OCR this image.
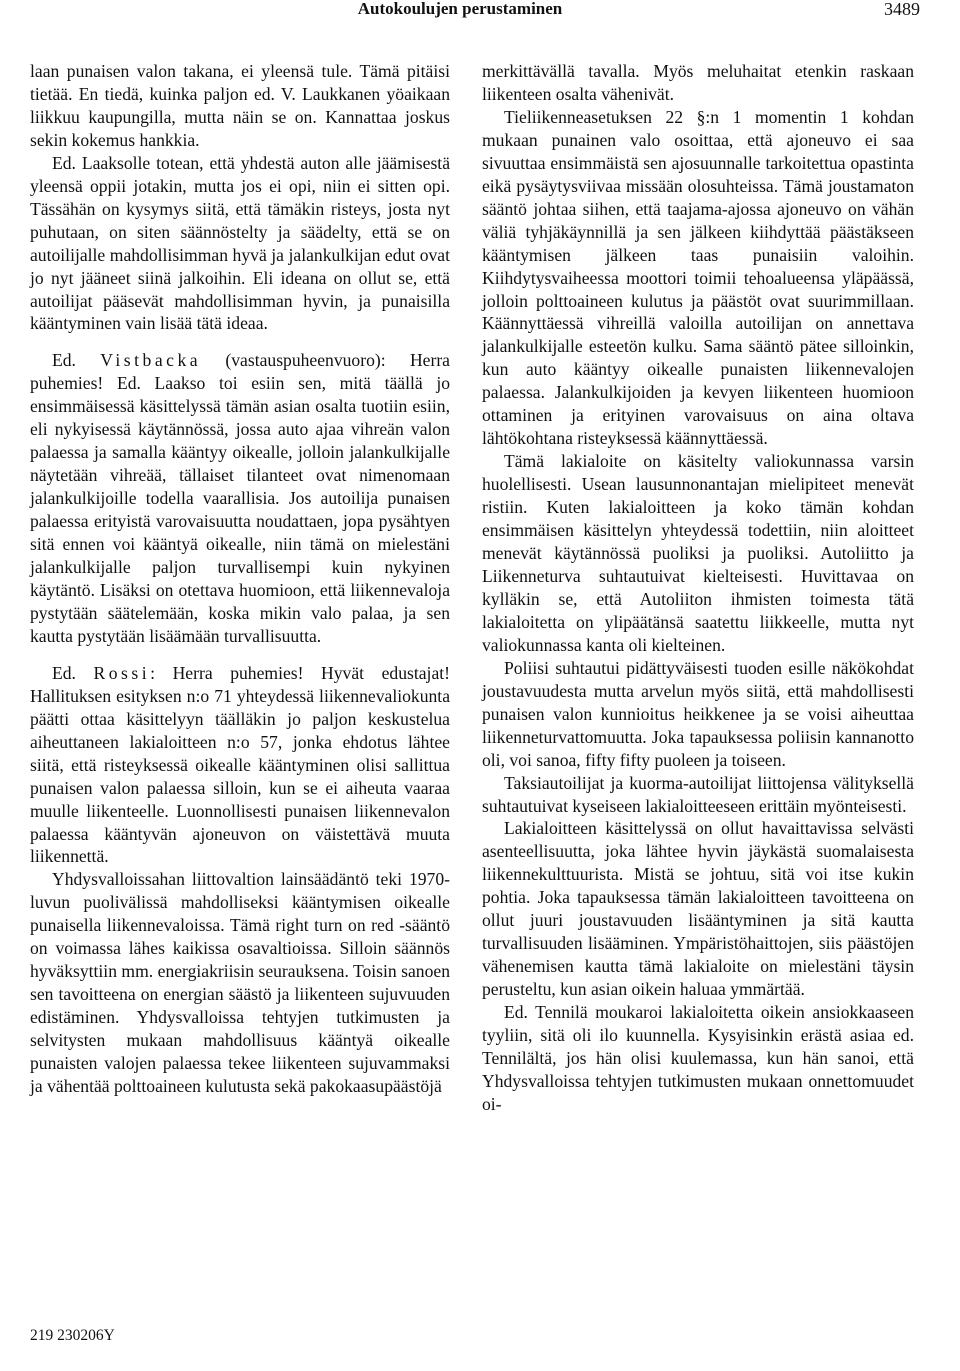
Autokoulujen perustaminen	3489

laan punaisen valon takana, ei yleensä tule. Tämä pitäisi tietää. En tiedä, kuinka paljon ed. V. Laukkanen yöaikaan liikkuu kaupungilla, mutta näin se on. Kannattaa joskus sekin kokemus hankkia.

Ed. Laaksolle totean, että yhdestä auton alle jäämisestä yleensä oppii jotakin, mutta jos ei opi, niin ei sitten opi. Tässähän on kysymys siitä, että tämäkin risteys, josta nyt puhutaan, on siten säännöstelty ja säädelty, että se on autoilijalle mahdollisimman hyvä ja jalankulkijan edut ovat jo nyt jääneet siinä jalkoihin. Eli ideana on ollut se, että autoilijat pääsevät mahdollisimman hyvin, ja punaisilla kääntyminen vain lisää tätä ideaa.

Ed. Vistbacka (vastauspuheenvuoro): Herra puhemies! Ed. Laakso toi esiin sen, mitä täällä jo ensimmäisessä käsittelyssä tämän asian osalta tuotiin esiin, eli nykyisessä käytännössä, jossa auto ajaa vihreän valon palaessa ja samalla kääntyy oikealle, jolloin jalankulkijalle näytetään vihreää, tällaiset tilanteet ovat nimenomaan jalankulkijoille todella vaarallisia. Jos autoilija punaisen palaessa erityistä varovaisuutta noudattaen, jopa pysähtyen sitä ennen voi kääntyä oikealle, niin tämä on mielestäni jalankulkijalle paljon turvallisempi kuin nykyinen käytäntö. Lisäksi on otettava huomioon, että liikennevaloja pystytään säätelemään, koska mikin valo palaa, ja sen kautta pystytään lisäämään turvallisuutta.

Ed. Rossi: Herra puhemies! Hyvät edustajat! Hallituksen esityksen n:o 71 yhteydessä liikennevaliokunta päätti ottaa käsittelyyn täälläkin jo paljon keskustelua aiheuttaneen lakialoitteen n:o 57, jonka ehdotus lähtee siitä, että risteyksessä oikealle kääntyminen olisi sallittua punaisen valon palaessa silloin, kun se ei aiheuta vaaraa muulle liikenteelle. Luonnollisesti punaisen liikennevalon palaessa kääntyvän ajoneuvon on väistettävä muuta liikennettä.

Yhdysvalloissahan liittovaltion lainsäädäntö teki 1970-luvun puolivälissä mahdolliseksi kääntymisen oikealle punaisella liikennevaloissa. Tämä right turn on red -sääntö on voimassa lähes kaikissa osavaltioissa. Silloin säännös hyväksyttiin mm. energiakriisin seurauksena. Toisin sanoen sen tavoitteena on energian säästö ja liikenteen sujuvuuden edistäminen. Yhdysvalloissa tehtyjen tutkimusten ja selvitysten mukaan mahdollisuus kääntyä oikealle punaisten valojen palaessa tekee liikenteen sujuvammaksi ja vähentää polttoaineen kulutusta sekä pakokaasupäästöjä

merkittävällä tavalla. Myös meluhaitat etenkin raskaan liikenteen osalta vähenivät.

Tieliikenneasetuksen 22 §:n 1 momentin 1 kohdan mukaan punainen valo osoittaa, että ajoneuvo ei saa sivuuttaa ensimmäistä sen ajosuunnalle tarkoitettua opastinta eikä pysäytysviivaa missään olosuhteissa. Tämä joustamaton sääntö johtaa siihen, että taajama-ajossa ajoneuvo on vähän väliä tyhjäkäynnillä ja sen jälkeen kiihdyttää päästäkseen kääntymisen jälkeen taas punaisiin valoihin. Kiihdytysvaiheessa moottori toimii tehoalueensa yläpäässä, jolloin polttoaineen kulutus ja päästöt ovat suurimmillaan. Käännyttäessä vihreillä valoilla autoilijan on annettava jalankulkijalle esteetön kulku. Sama sääntö pätee silloinkin, kun auto kääntyy oikealle punaisten liikennevalojen palaessa. Jalankulkijoiden ja kevyen liikenteen huomioon ottaminen ja erityinen varovaisuus on aina oltava lähtökohtana risteyksessä käännyttäessä.

Tämä lakialoite on käsitelty valiokunnassa varsin huolellisesti. Usean lausunnonantajan mielipiteet menevät ristiin. Kuten lakialoitteen ja koko tämän kohdan ensimmäisen käsittelyn yhteydessä todettiin, niin aloitteet menevät käytännössä puoliksi ja puoliksi. Autoliitto ja Liikenneturva suhtautuivat kielteisesti. Huvittavaa on kylläkin se, että Autoliiton ihmisten toimesta tätä lakialoitetta on ylipäätänsä saatettu liikkeelle, mutta nyt valiokunnassa kanta oli kielteinen.

Poliisi suhtautui pidättyväisesti tuoden esille näkökohdat joustavuudesta mutta arvelun myös siitä, että mahdollisesti punaisen valon kunnioitus heikkenee ja se voisi aiheuttaa liikenneturvattomuutta. Joka tapauksessa poliisin kannanotto oli, voi sanoa, fifty fifty puoleen ja toiseen.

Taksiautoilijat ja kuorma-autoilijat liittojensa välityksellä suhtautuivat kyseiseen lakialoitteeseen erittäin myönteisesti.

Lakialoitteen käsittelyssä on ollut havaittavissa selvästi asenteellisuutta, joka lähtee hyvin jäykästä suomalaisesta liikennekulttuurista. Mistä se johtuu, sitä voi itse kukin pohtia. Joka tapauksessa tämän lakialoitteen tavoitteena on ollut juuri joustavuuden lisääntyminen ja sitä kautta turvallisuuden lisääminen. Ympäristöhaittojen, siis päästöjen vähenemisen kautta tämä lakialoite on mielestäni täysin perusteltu, kun asian oikein haluaa ymmärtää.

Ed. Tennilä moukaroi lakialoitetta oikein ansiokkaaseen tyyliin, sitä oli ilo kuunnella. Kysyisinkin erästä asiaa ed. Tennilältä, jos hän olisi kuulemassa, kun hän sanoi, että Yhdysvalloissa tehtyjen tutkimusten mukaan onnettomuudet oi-

219 230206Y
